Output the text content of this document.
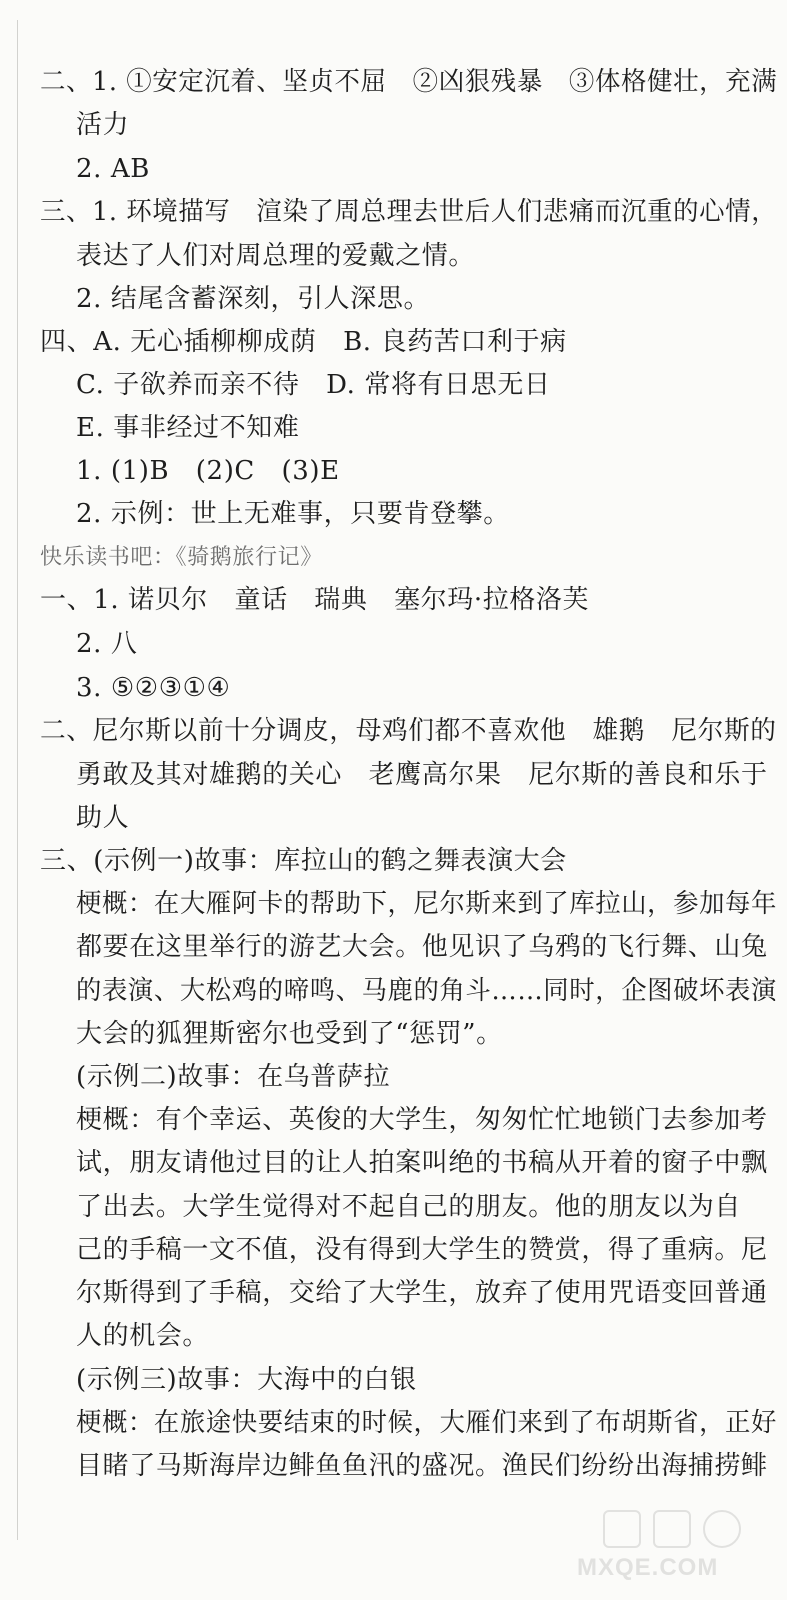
二、1. ①安定沉着、坚贞不屈　②凶狠残暴　③体格健壮，充满
活力
2. AB
三、1. 环境描写　渲染了周总理去世后人们悲痛而沉重的心情，
表达了人们对周总理的爱戴之情。
2. 结尾含蓄深刻，引人深思。
四、A. 无心插柳柳成荫　B. 良药苦口利于病
C. 子欲养而亲不待　D. 常将有日思无日
E. 事非经过不知难
1. (1)B　(2)C　(3)E
2. 示例：世上无难事，只要肯登攀。
快乐读书吧：《骑鹅旅行记》
一、1. 诺贝尔　童话　瑞典　塞尔玛·拉格洛芙
2. 八
3. ⑤②③①④
二、尼尔斯以前十分调皮，母鸡们都不喜欢他　雄鹅　尼尔斯的
勇敢及其对雄鹅的关心　老鹰高尔果　尼尔斯的善良和乐于
助人
三、(示例一)故事：库拉山的鹤之舞表演大会
梗概：在大雁阿卡的帮助下，尼尔斯来到了库拉山，参加每年
都要在这里举行的游艺大会。他见识了乌鸦的飞行舞、山兔
的表演、大松鸡的啼鸣、马鹿的角斗……同时，企图破坏表演
大会的狐狸斯密尔也受到了“惩罚”。
(示例二)故事：在乌普萨拉
梗概：有个幸运、英俊的大学生，匆匆忙忙地锁门去参加考
试，朋友请他过目的让人拍案叫绝的书稿从开着的窗子中飘
了出去。大学生觉得对不起自己的朋友。他的朋友以为自
己的手稿一文不值，没有得到大学生的赞赏，得了重病。尼
尔斯得到了手稿，交给了大学生，放弃了使用咒语变回普通
人的机会。
(示例三)故事：大海中的白银
梗概：在旅途快要结束的时候，大雁们来到了布胡斯省，正好
目睹了马斯海岸边鲱鱼鱼汛的盛况。渔民们纷纷出海捕捞鲱
MXQE.COM
